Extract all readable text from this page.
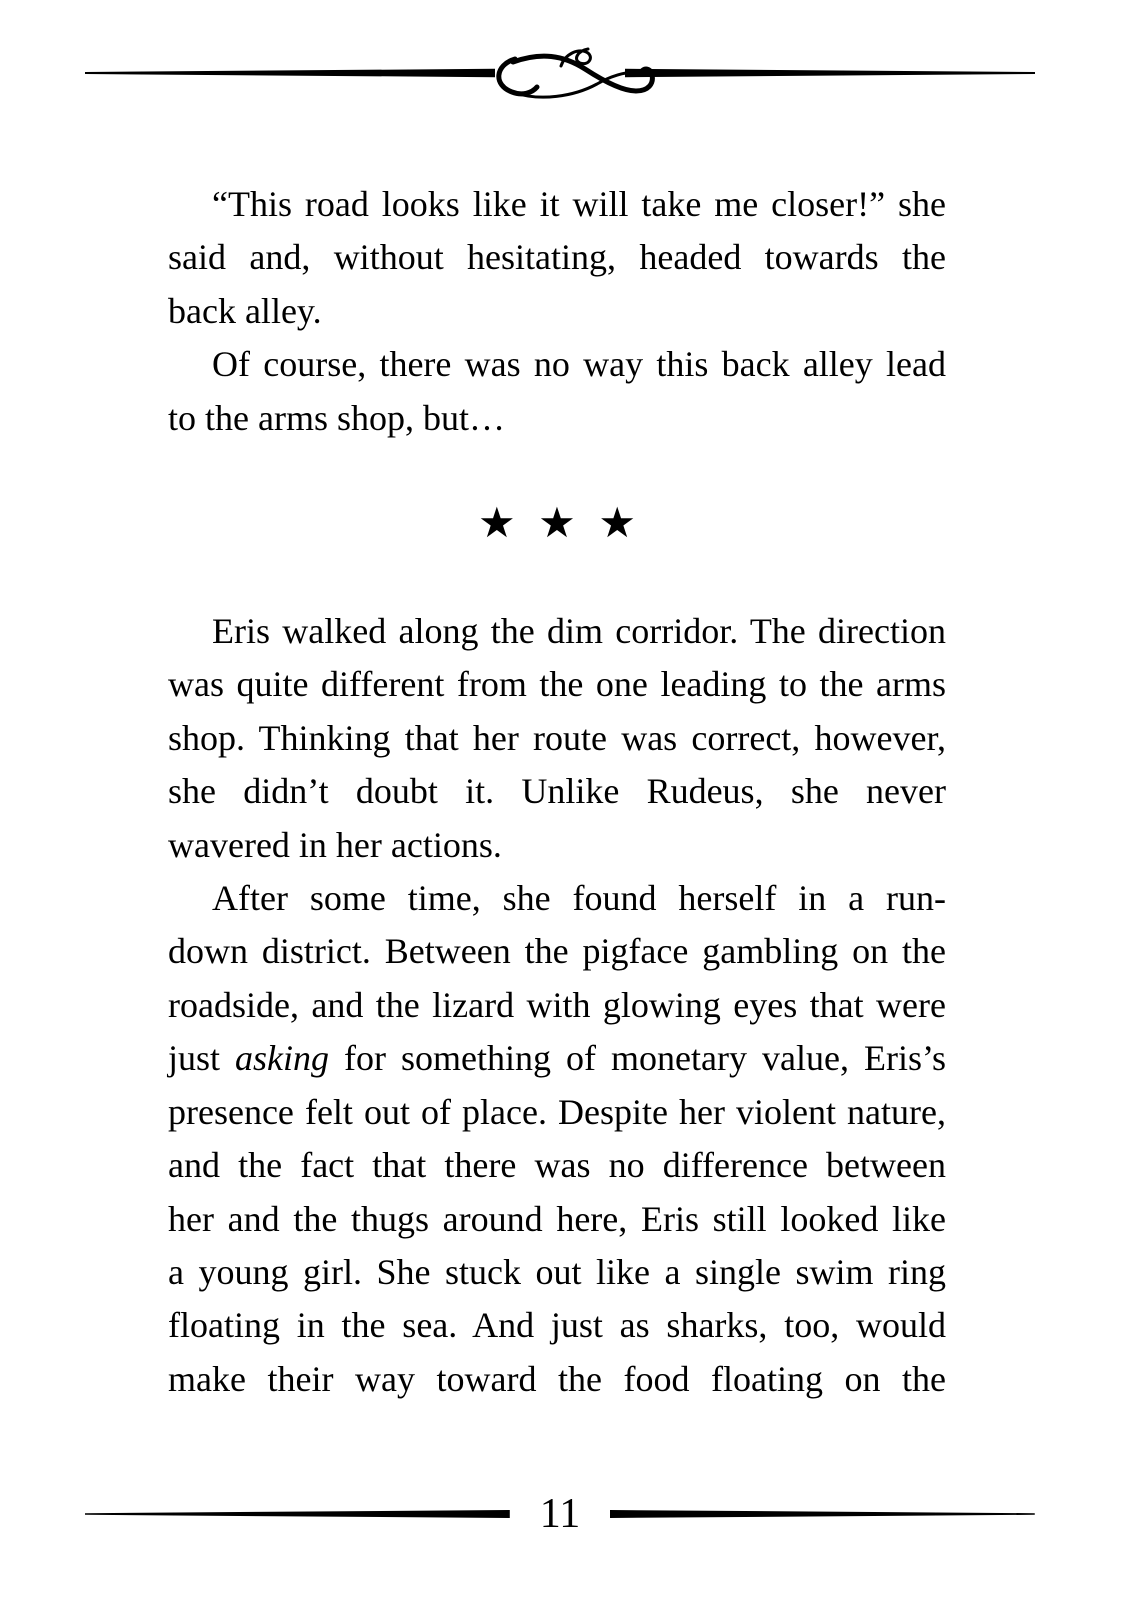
“This road looks like it will take me closer!” she
said and, without hesitating, headed towards the
back alley.
Of course, there was no way this back alley lead
to the arms shop, but…
★ ★ ★
Eris walked along the dim corridor. The direction
was quite different from the one leading to the arms
shop. Thinking that her route was correct, however,
she didn’t doubt it. Unlike Rudeus, she never
wavered in her actions.
After some time, she found herself in a run-
down district. Between the pigface gambling on the
roadside, and the lizard with glowing eyes that were
just asking for something of monetary value, Eris’s
presence felt out of place. Despite her violent nature,
and the fact that there was no difference between
her and the thugs around here, Eris still looked like
a young girl. She stuck out like a single swim ring
floating in the sea. And just as sharks, too, would
make their way toward the food floating on the
11
